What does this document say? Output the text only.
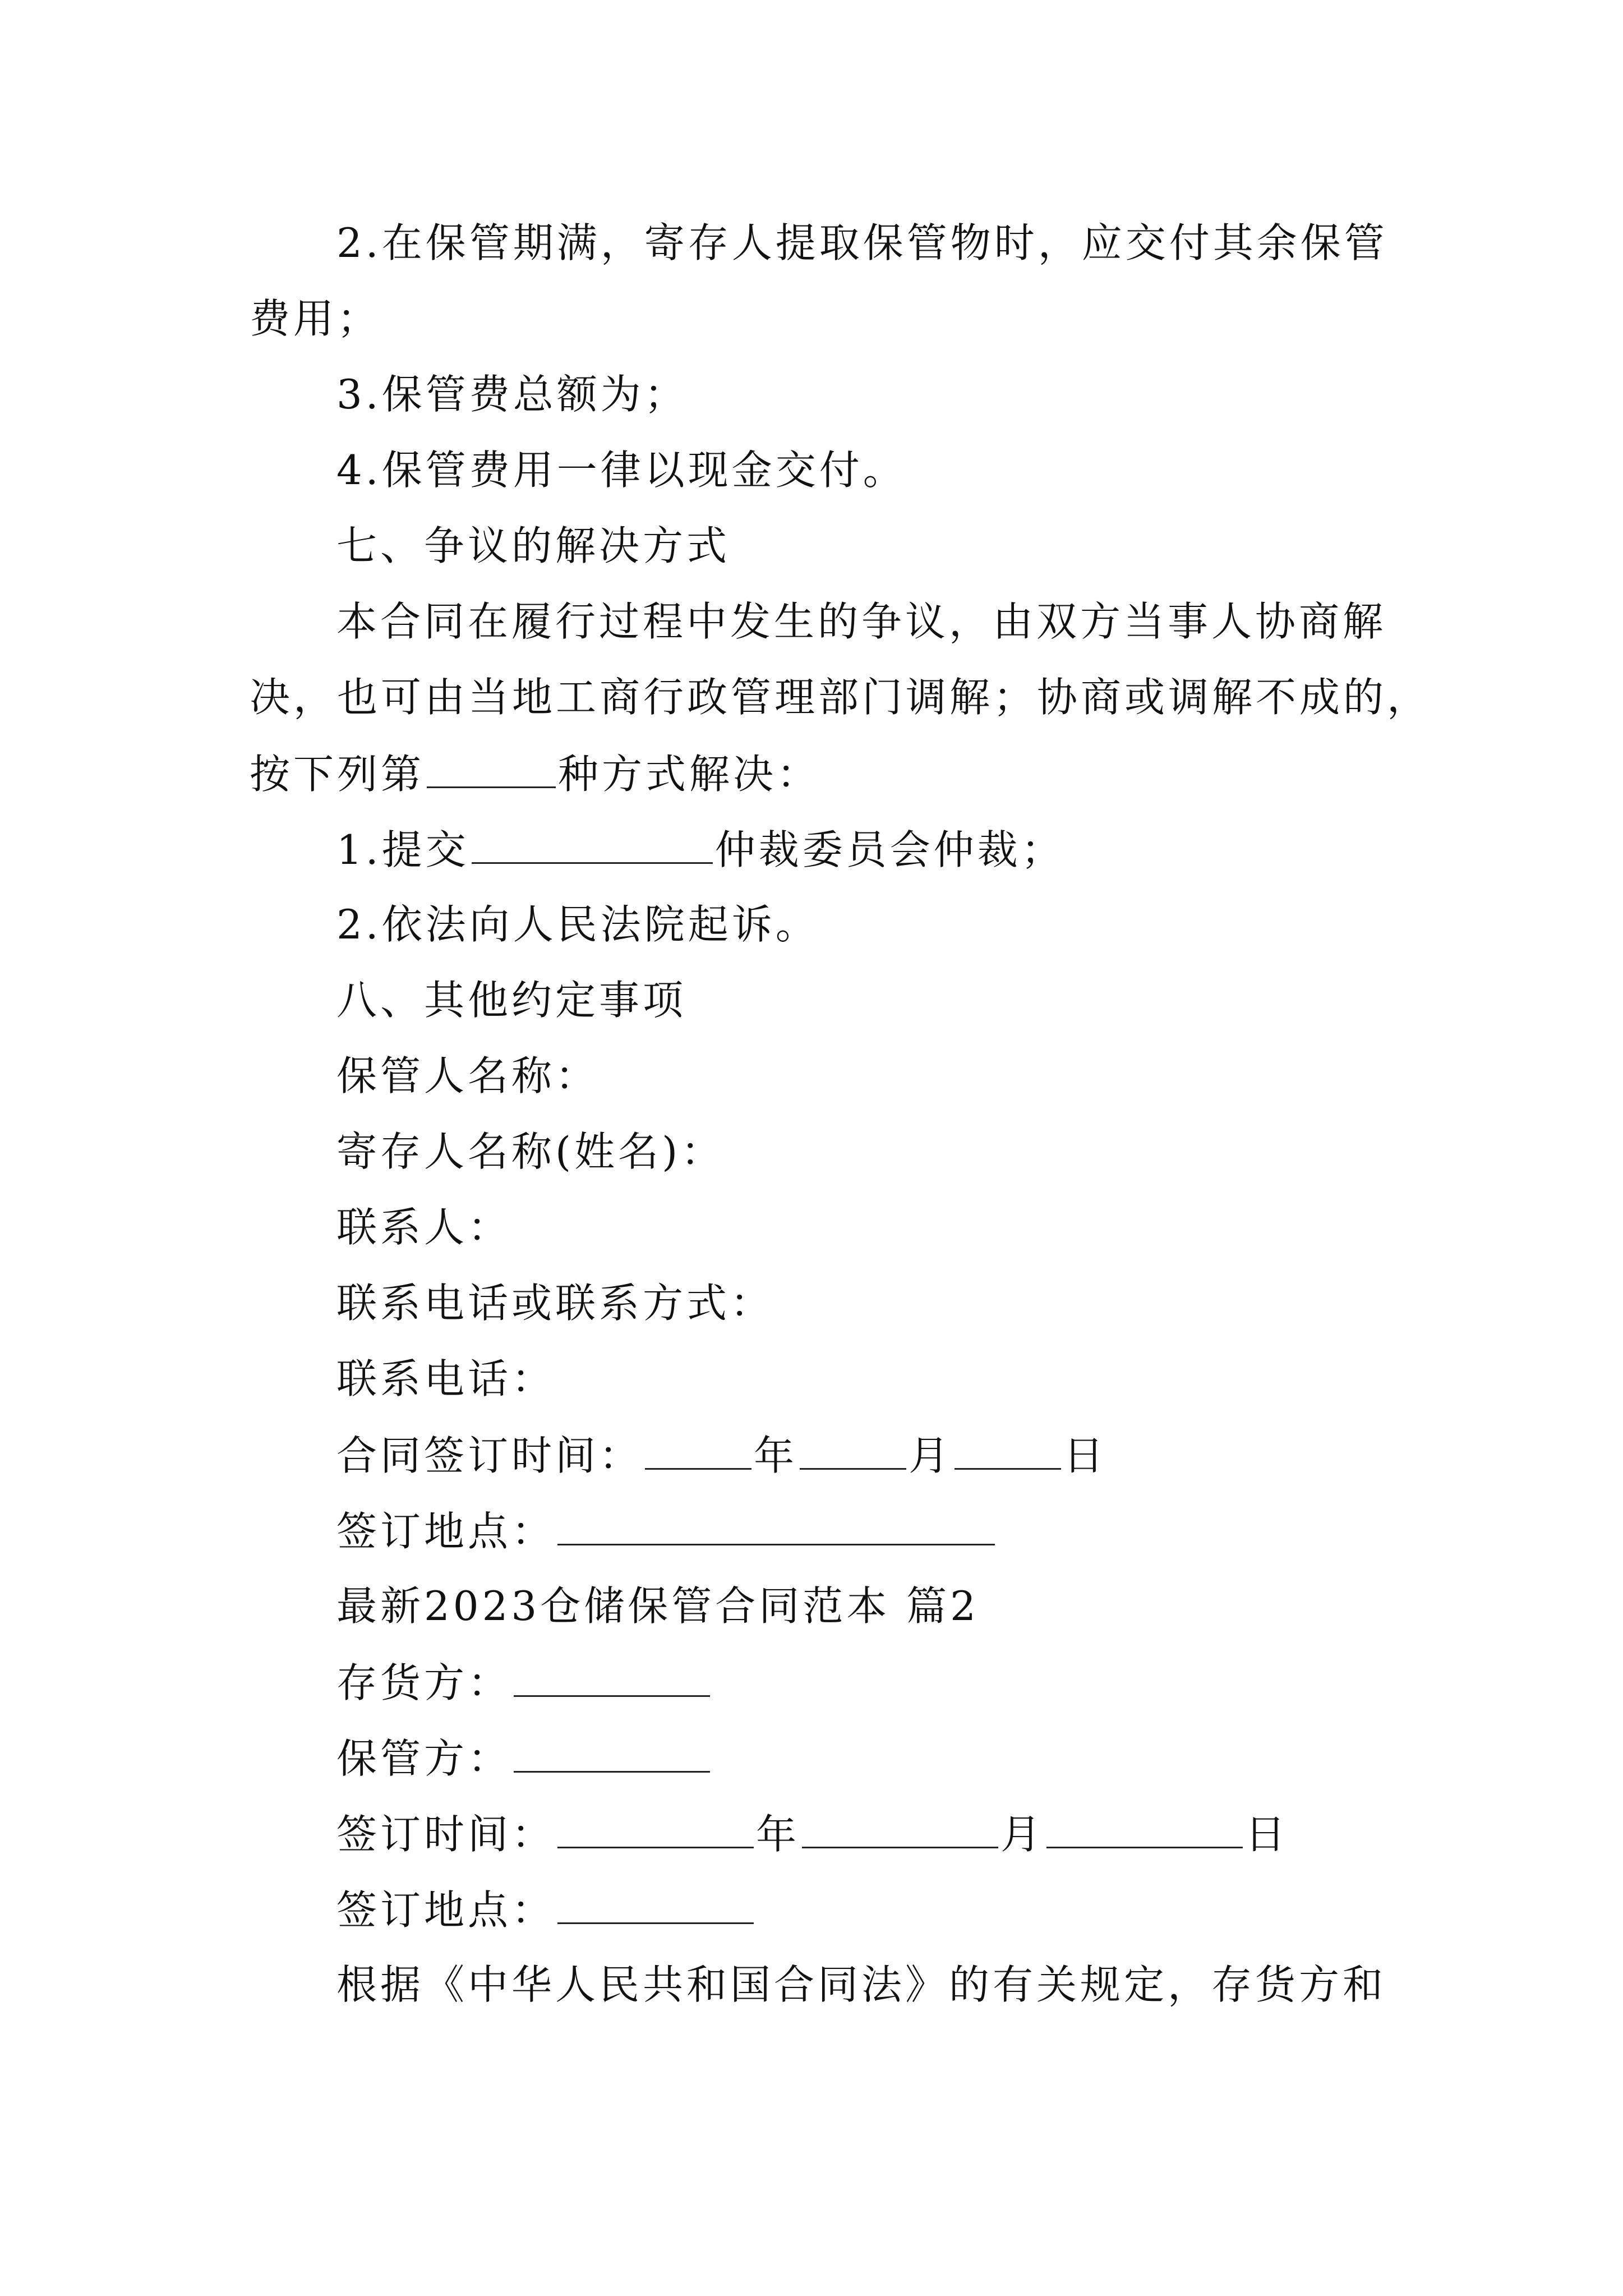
2.在保管期满，寄存人提取保管物时，应交付其余保管
费用；
3.保管费总额为；
4.保管费用一律以现金交付。
七、争议的解决方式
本合同在履行过程中发生的争议，由双方当事人协商解
决，也可由当地工商行政管理部门调解；协商或调解不成的，
按下列第	种方式解决：
1.提交	仲裁委员会仲裁；
2.依法向人民法院起诉。
八、其他约定事项
保管人名称：
寄存人名称(姓名)：
联系人：
联系电话或联系方式：
联系电话：
合同签订时间：	年	月	日
签订地点：
最新2023仓储保管合同范本 篇2
存货方：
保管方：
签订时间：	年	月	日
签订地点：
根据《中华人民共和国合同法》的有关规定，存货方和
